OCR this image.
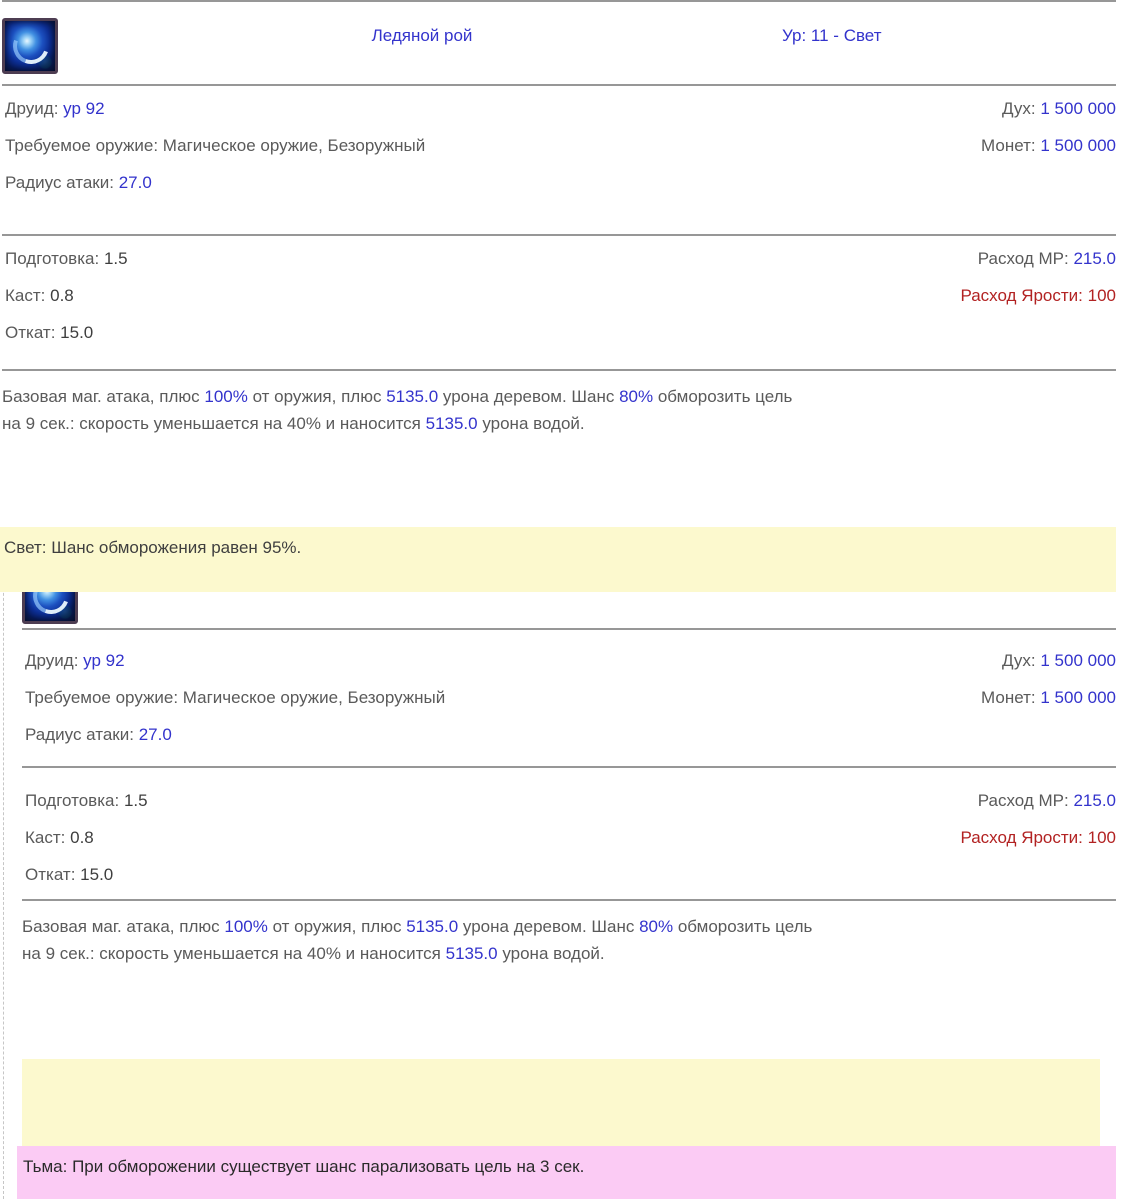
Ледяной рой	Ур: 11 - Свет
Друид: ур 92	Дух: 1 500 000
Требуемое оружие: Магическое оружие, Безоружный	Монет: 1 500 000
Радиус атаки: 27.0
Подготовка: 1.5	Расход MP: 215.0
Каст: 0.8	Расход Ярости: 100
Откат: 15.0
Базовая маг. атака, плюс 100% от оружия, плюс 5135.0 урона деревом. Шанс 80% обморозить цель
на 9 сек.: скорость уменьшается на 40% и наносится 5135.0 урона водой.
Свет: Шанс обморожения равен 95%.
Друид: ур 92	Дух: 1 500 000
Требуемое оружие: Магическое оружие, Безоружный	Монет: 1 500 000
Радиус атаки: 27.0
Подготовка: 1.5	Расход MP: 215.0
Каст: 0.8	Расход Ярости: 100
Откат: 15.0
Базовая маг. атака, плюс 100% от оружия, плюс 5135.0 урона деревом. Шанс 80% обморозить цель
на 9 сек.: скорость уменьшается на 40% и наносится 5135.0 урона водой.
Тьма: При обморожении существует шанс парализовать цель на 3 сек.
